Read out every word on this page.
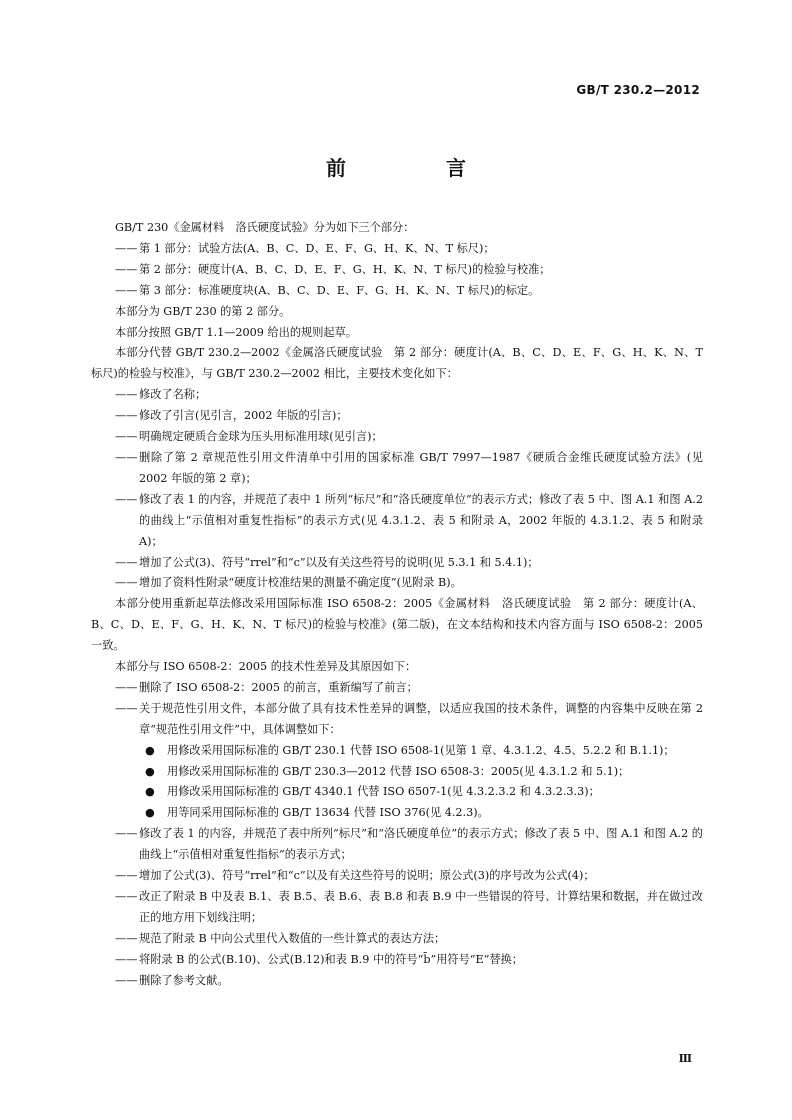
GB/T 230.2—2012
前　言
GB/T 230《金属材料　洛氏硬度试验》分为如下三个部分：
—— 第 1 部分：试验方法(A、B、C、D、E、F、G、H、K、N、T 标尺)；
—— 第 2 部分：硬度计(A、B、C、D、E、F、G、H、K、N、T 标尺)的检验与校准；
—— 第 3 部分：标准硬度块(A、B、C、D、E、F、G、H、K、N、T 标尺)的标定。
本部分为 GB/T 230 的第 2 部分。
本部分按照 GB/T 1.1—2009 给出的规则起草。
本部分代替 GB/T 230.2—2002《金属洛氏硬度试验　第 2 部分：硬度计(A、B、C、D、E、F、G、H、K、N、T 标尺)的检验与校准》，与 GB/T 230.2—2002 相比，主要技术变化如下：
—— 修改了名称；
—— 修改了引言(见引言，2002 年版的引言)；
—— 明确规定硬质合金球为压头用标准用球(见引言)；
—— 删除了第 2 章规范性引用文件清单中引用的国家标准 GB/T 7997—1987《硬质合金维氏硬度试验方法》(见 2002 年版的第 2 章)；
—— 修改了表 1 的内容，并规范了表中 1 所列“标尺”和“洛氏硬度单位”的表示方式；修改了表 5 中、图 A.1 和图 A.2 的曲线上“示值相对重复性指标”的表示方式(见 4.3.1.2、表 5 和附录 A，2002 年版的 4.3.1.2、表 5 和附录 A)；
—— 增加了公式(3)、符号“rrel”和“c”以及有关这些符号的说明(见 5.3.1 和 5.4.1)；
—— 增加了资料性附录“硬度计校准结果的测量不确定度”(见附录 B)。
本部分使用重新起草法修改采用国际标准 ISO 6508-2：2005《金属材料　洛氏硬度试验　第 2 部分：硬度计(A、B、C、D、E、F、G、H、K、N、T 标尺)的检验与校准》(第二版)，在文本结构和技术内容方面与 ISO 6508-2：2005 一致。
本部分与 ISO 6508-2：2005 的技术性差异及其原因如下：
—— 删除了 ISO 6508-2：2005 的前言，重新编写了前言；
—— 关于规范性引用文件，本部分做了具有技术性差异的调整，以适应我国的技术条件，调整的内容集中反映在第 2 章“规范性引用文件”中，具体调整如下：
●	用修改采用国际标准的 GB/T 230.1 代替 ISO 6508-1(见第 1 章、4.3.1.2、4.5、5.2.2 和 B.1.1)；
●	用修改采用国际标准的 GB/T 230.3—2012 代替 ISO 6508-3：2005(见 4.3.1.2 和 5.1)；
●	用修改采用国际标准的 GB/T 4340.1 代替 ISO 6507-1(见 4.3.2.3.2 和 4.3.2.3.3)；
●	用等同采用国际标准的 GB/T 13634 代替 ISO 376(见 4.2.3)。
—— 修改了表 1 的内容，并规范了表中所列“标尺”和“洛氏硬度单位”的表示方式；修改了表 5 中、图 A.1 和图 A.2 的曲线上“示值相对重复性指标”的表示方式；
—— 增加了公式(3)、符号“rrel”和“c”以及有关这些符号的说明；原公式(3)的序号改为公式(4)；
—— 改正了附录 B 中及表 B.1、表 B.5、表 B.6、表 B.8 和表 B.9 中一些错误的符号、计算结果和数据，并在做过改正的地方用下划线注明；
—— 规范了附录 B 中向公式里代入数值的一些计算式的表达方法；
—— 将附录 B 的公式(B.10)、公式(B.12)和表 B.9 中的符号“b̄”用符号“E”替换；
—— 删除了参考文献。
Ⅲ
